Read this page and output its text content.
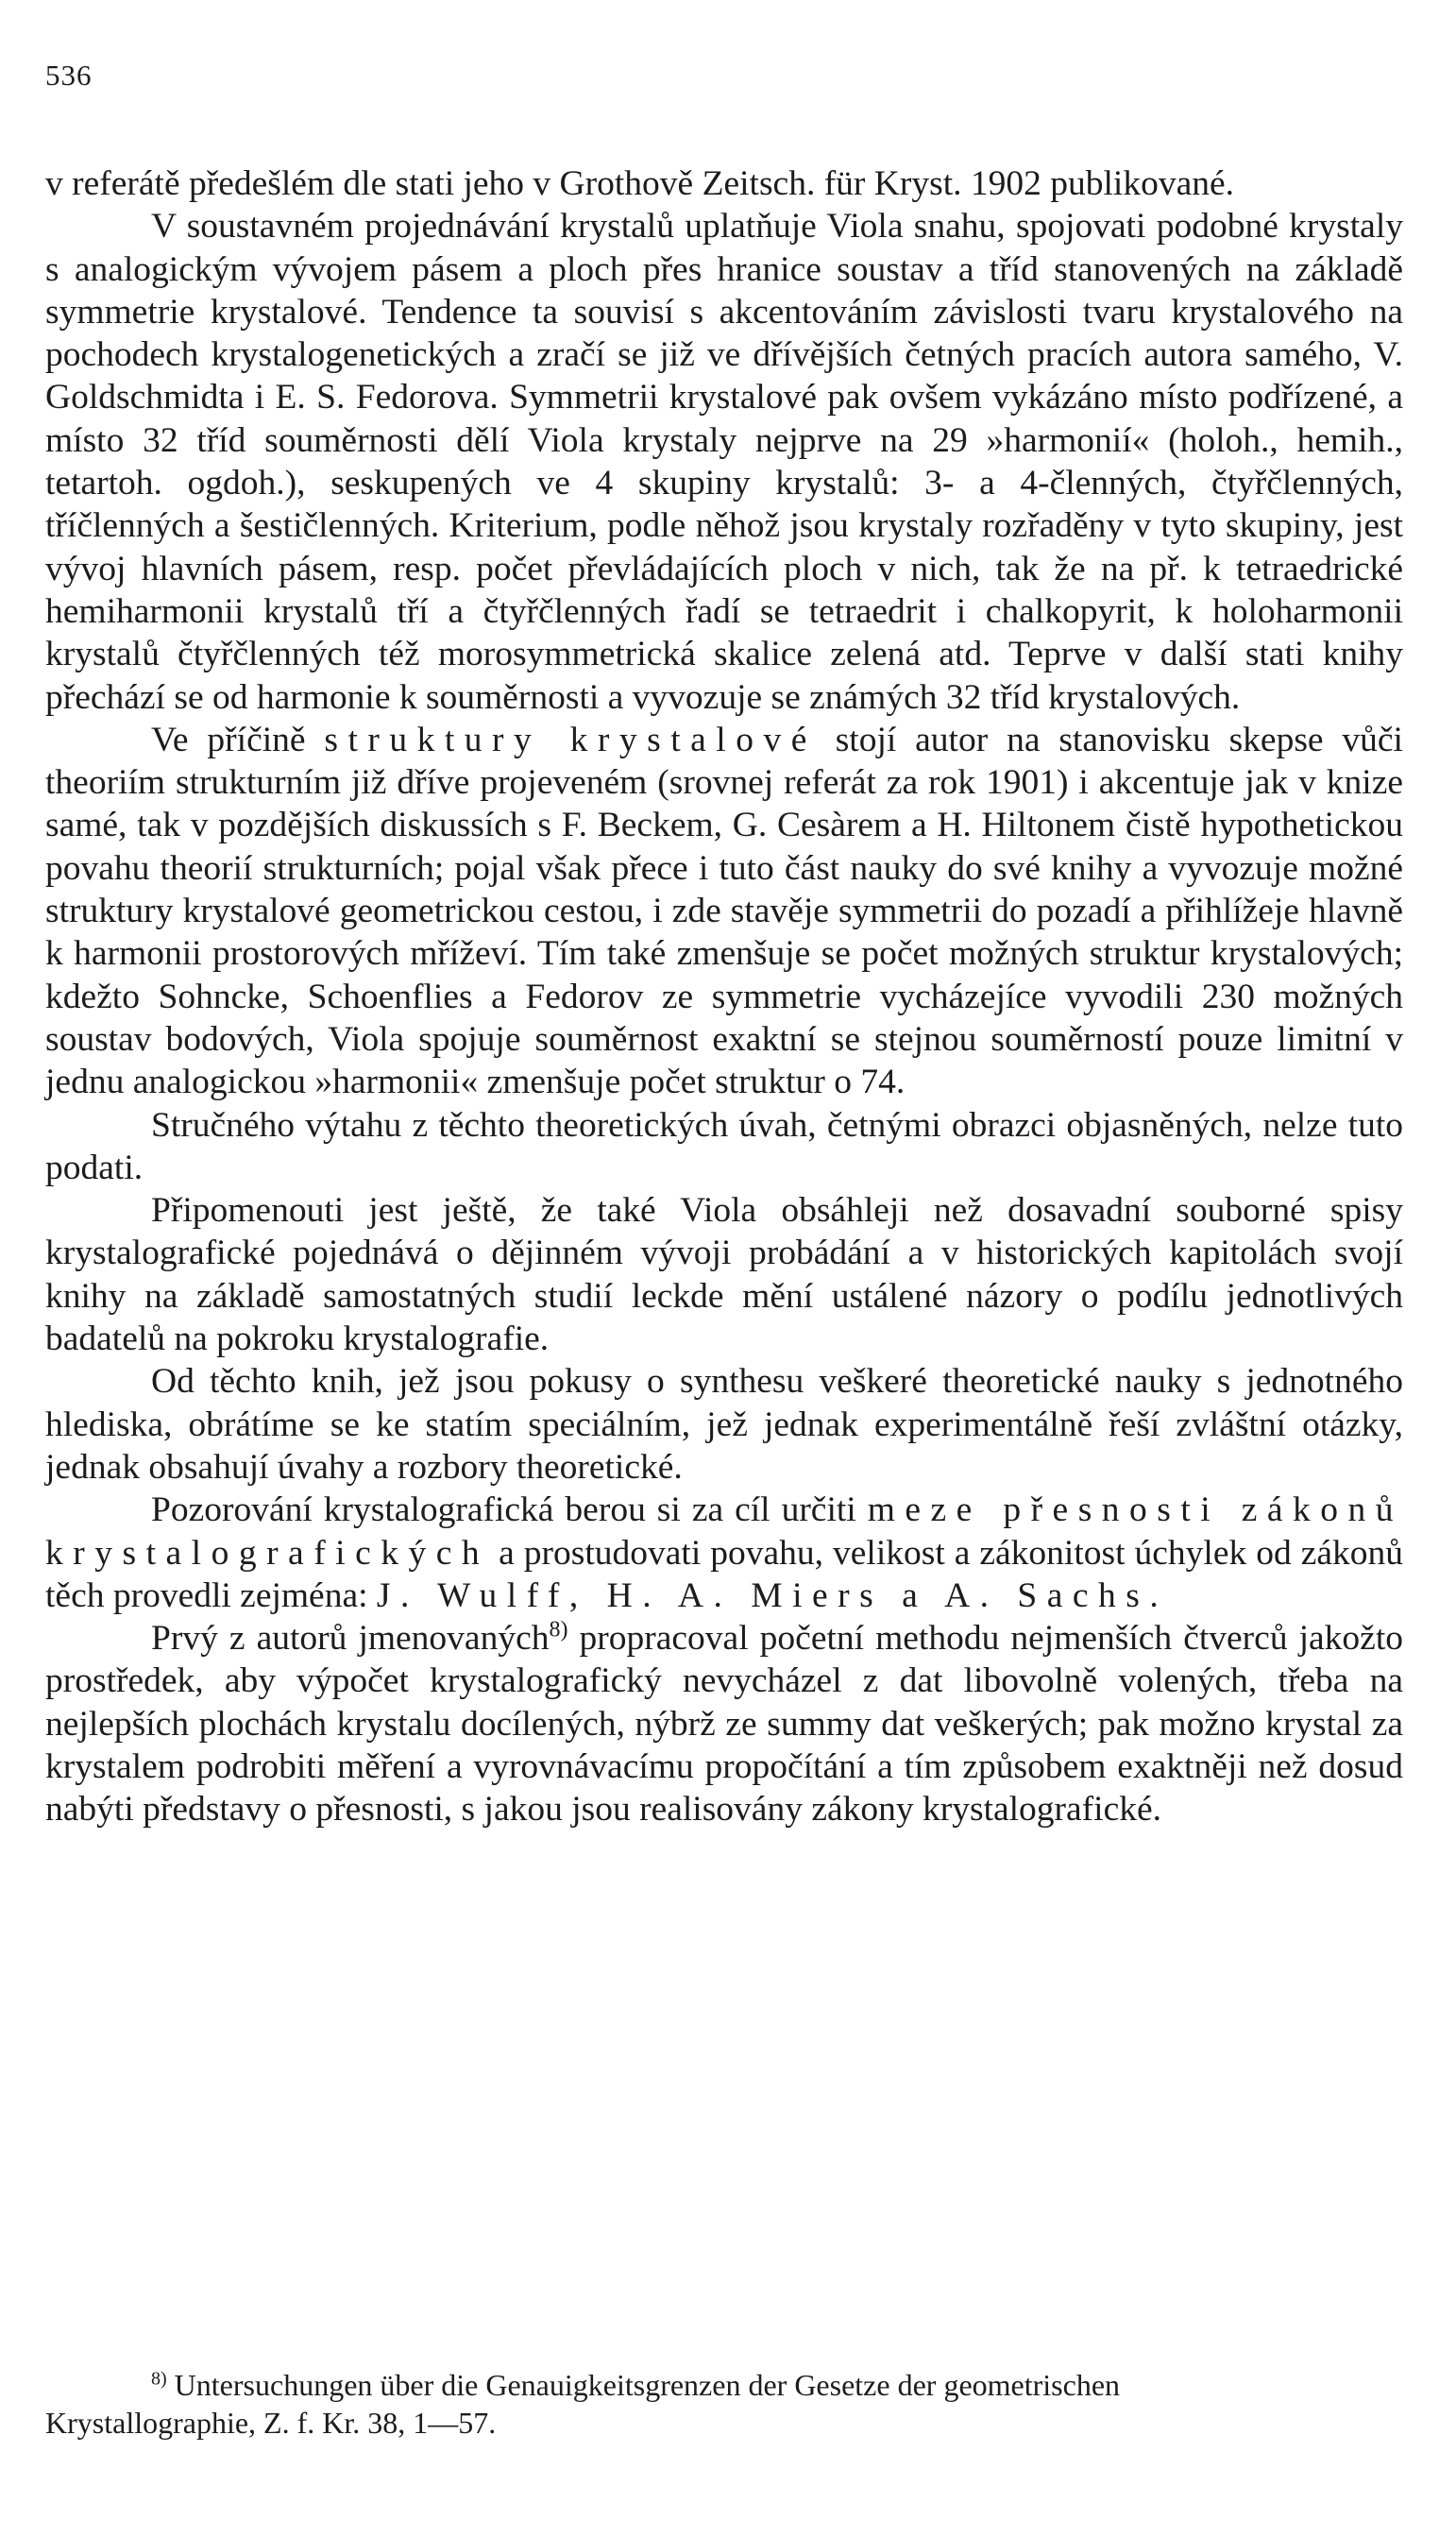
536

v referátě předešlém dle stati jeho v Grothově Zeitsch. für Kryst. 1902 publikované.

V soustavném projednávání krystalů uplatňuje Viola snahu, spojovati podobné krystaly s analogickým vývojem pásem a ploch přes hranice soustav a tříd stanovených na základě symmetrie krystalové. Tendence ta souvisí s akcentováním závislosti tvaru krystalového na pochodech krystalogenetických a zračí se již ve dřívějších četných pracích autora samého, V. Goldschmidta i E. S. Fedorova. Symmetrii krystalové pak ovšem vykázáno místo podřízené, a místo 32 tříd souměrnosti dělí Viola krystaly nejprve na 29 »harmonií« (holoh., hemih., tetartoh. ogdoh.), seskupených ve 4 skupiny krystalů: 3- a 4-členných, čtyřčlenných, tříčlenných a šestičlenných. Kriterium, podle něhož jsou krystaly rozřaděny v tyto skupiny, jest vývoj hlavních pásem, resp. počet převládajících ploch v nich, tak že na př. k tetraedrické hemiharmonii krystalů tří a čtyřčlenných řadí se tetraedrit i chalkopyrit, k holoharmonii krystalů čtyřčlenných též morosymmetrická skalice zelená atd. Teprve v další stati knihy přechází se od harmonie k souměrnosti a vyvozuje se známých 32 tříd krystalových.

Ve příčině struktury krystalové stojí autor na stanovisku skepse vůči theoriím strukturním již dříve projeveném (srovnej referát za rok 1901) i akcentuje jak v knize samé, tak v pozdějších diskussích s F. Beckem, G. Cesàrem a H. Hiltonem čistě hypothetickou povahu theorií strukturních; pojal však přece i tuto část nauky do své knihy a vyvozuje možné struktury krystalové geometrickou cestou, i zde stavěje symmetrii do pozadí a přihlížeje hlavně k harmonii prostorových mříževí. Tím také zmenšuje se počet možných struktur krystalových; kdežto Sohncke, Schoenflies a Fedorov ze symmetrie vycházejíce vyvodili 230 možných soustav bodových, Viola spojuje souměrnost exaktní se stejnou souměrností pouze limitní v jednu analogickou »harmonii« zmenšuje počet struktur o 74.

Stručného výtahu z těchto theoretických úvah, četnými obrazci objasněných, nelze tuto podati.

Připomenouti jest ještě, že také Viola obsáhleji než dosavadní souborné spisy krystalografické pojednává o dějinném vývoji probádání a v historických kapitolách svojí knihy na základě samostatných studií leckde mění ustálené názory o podílu jednotlivých badatelů na pokroku krystalografie.

Od těchto knih, jež jsou pokusy o synthesu veškeré theoretické nauky s jednotného hlediska, obrátíme se ke statím speciálním, jež jednak experimentálně řeší zvláštní otázky, jednak obsahují úvahy a rozbory theoretické.

Pozorování krystalografická berou si za cíl určiti meze přesnosti zákonů krystalografických a prostudovati povahu, velikost a zákonitost úchylek od zákonů těch provedli zejména: J. Wulff, H. A. Miers a A. Sachs.

Prvý z autorů jmenovaných$^{8)}$ propracoval početní methodu nejmenších čtverců jakožto prostředek, aby výpočet krystalografický nevycházel z dat libovolně volených, třeba na nejlepších plochách krystalu docílených, nýbrž ze summy dat veškerých; pak možno krystal za krystalem podrobiti měření a vyrovnávacímu propočítání a tím způsobem exaktněji než dosud nabýti představy o přesnosti, s jakou jsou realisovány zákony krystalografické.

$^{8)}$ Untersuchungen über die Genauigkeitsgrenzen der Gesetze der geometrischen
Krystallographie, Z. f. Kr. 38, 1—57.
